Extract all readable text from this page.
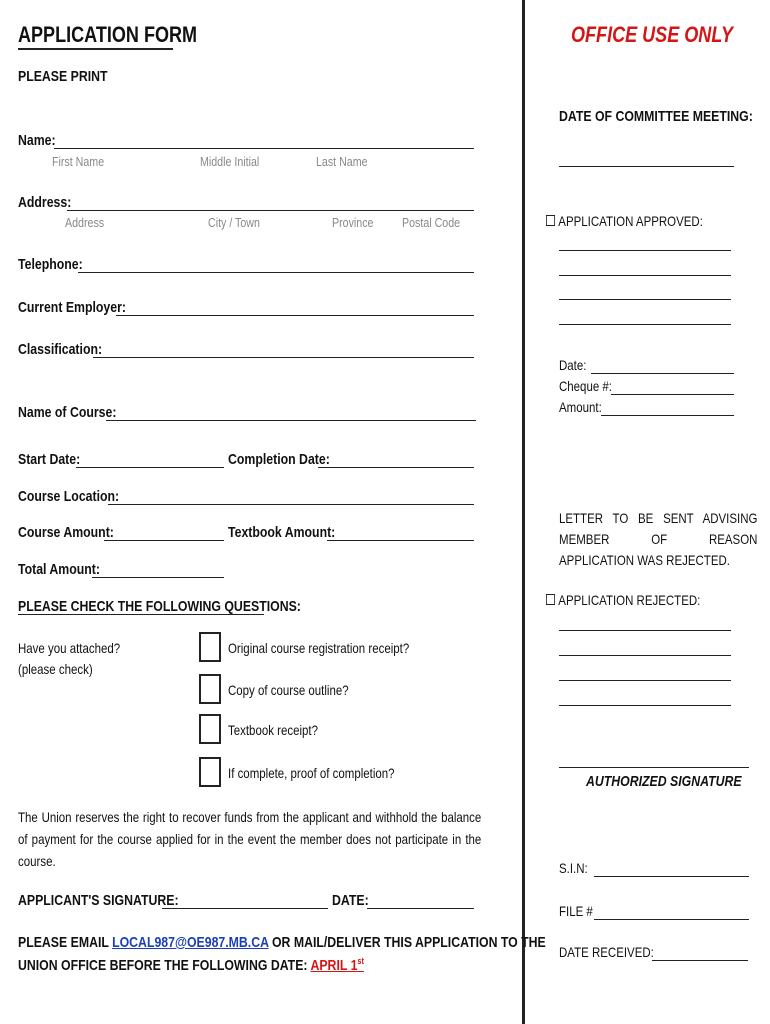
APPLICATION FORM
PLEASE PRINT
Name:
First Name	Middle Initial	Last Name
Address:
Address	City / Town	Province	Postal Code
Telephone:
Current Employer:
Classification:
Name of Course:
Start Date:	Completion Date:
Course Location:
Course Amount:	Textbook Amount:
Total Amount:
PLEASE CHECK THE FOLLOWING QUESTIONS:
Have you attached?
(please check)
Original course registration receipt?
Copy of course outline?
Textbook receipt?
If complete, proof of completion?
The Union reserves the right to recover funds from the applicant and withhold the balance of payment for the course applied for in the event the member does not participate in the course.
APPLICANT'S SIGNATURE:	DATE:
PLEASE EMAIL LOCAL987@OE987.MB.CA OR MAIL/DELIVER THIS APPLICATION TO THE
UNION OFFICE BEFORE THE FOLLOWING DATE: APRIL 1st
OFFICE USE ONLY
DATE OF COMMITTEE MEETING:
APPLICATION APPROVED:
Date:
Cheque #:
Amount:
LETTER TO BE SENT ADVISING MEMBER OF REASON APPLICATION WAS REJECTED.
APPLICATION REJECTED:
AUTHORIZED SIGNATURE
S.I.N:
FILE #
DATE RECEIVED:
